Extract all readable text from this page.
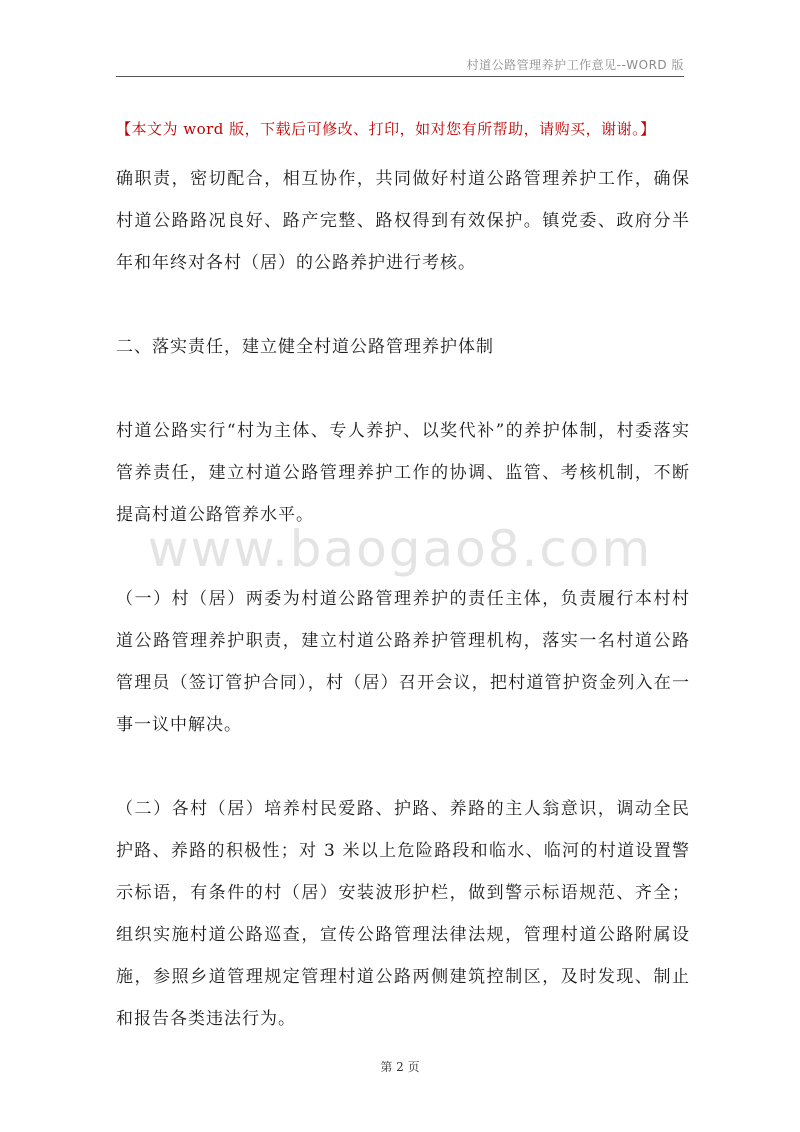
村道公路管理养护工作意见--WORD 版
【本文为 word 版，下载后可修改、打印，如对您有所帮助，请购买，谢谢。】
www.baogao8.com
确职责，密切配合，相互协作，共同做好村道公路管理养护工作，确保村道公路路况良好、路产完整、路权得到有效保护。镇党委、政府分半年和年终对各村（居）的公路养护进行考核。
二、落实责任，建立健全村道公路管理养护体制
村道公路实行“村为主体、专人养护、以奖代补”的养护体制，村委落实管养责任，建立村道公路管理养护工作的协调、监管、考核机制，不断提高村道公路管养水平。
（一）村（居）两委为村道公路管理养护的责任主体，负责履行本村村道公路管理养护职责，建立村道公路养护管理机构，落实一名村道公路管理员（签订管护合同），村（居）召开会议，把村道管护资金列入在一事一议中解决。
（二）各村（居）培养村民爱路、护路、养路的主人翁意识，调动全民护路、养路的积极性；对 3 米以上危险路段和临水、临河的村道设置警示标语，有条件的村（居）安装波形护栏，做到警示标语规范、齐全；组织实施村道公路巡查，宣传公路管理法律法规，管理村道公路附属设施，参照乡道管理规定管理村道公路两侧建筑控制区，及时发现、制止和报告各类违法行为。
第 2 页
